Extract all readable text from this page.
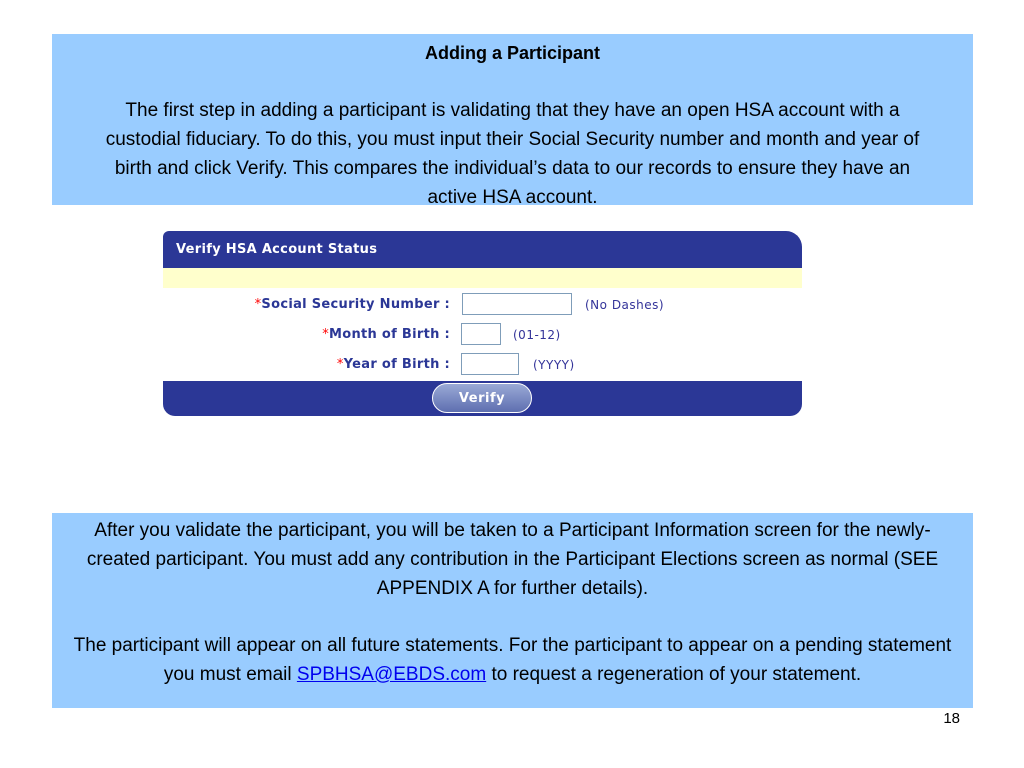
Adding a Participant
The first step in adding a participant is validating that they have an open HSA account with a custodial fiduciary. To do this, you must input their Social Security number and month and year of birth and click Verify. This compares the individual’s data to our records to ensure they have an active HSA account.
Verify HSA Account Status
*Social Security Number :	(No Dashes)
*Month of Birth :	(01-12)
*Year of Birth :	(YYYY)
Verify
After you validate the participant, you will be taken to a Participant Information screen for the newly-created participant. You must add any contribution in the Participant Elections screen as normal (SEE APPENDIX A for further details).
The participant will appear on all future statements. For the participant to appear on a pending statement you must email SPBHSA@EBDS.com to request a regeneration of your statement.
18
